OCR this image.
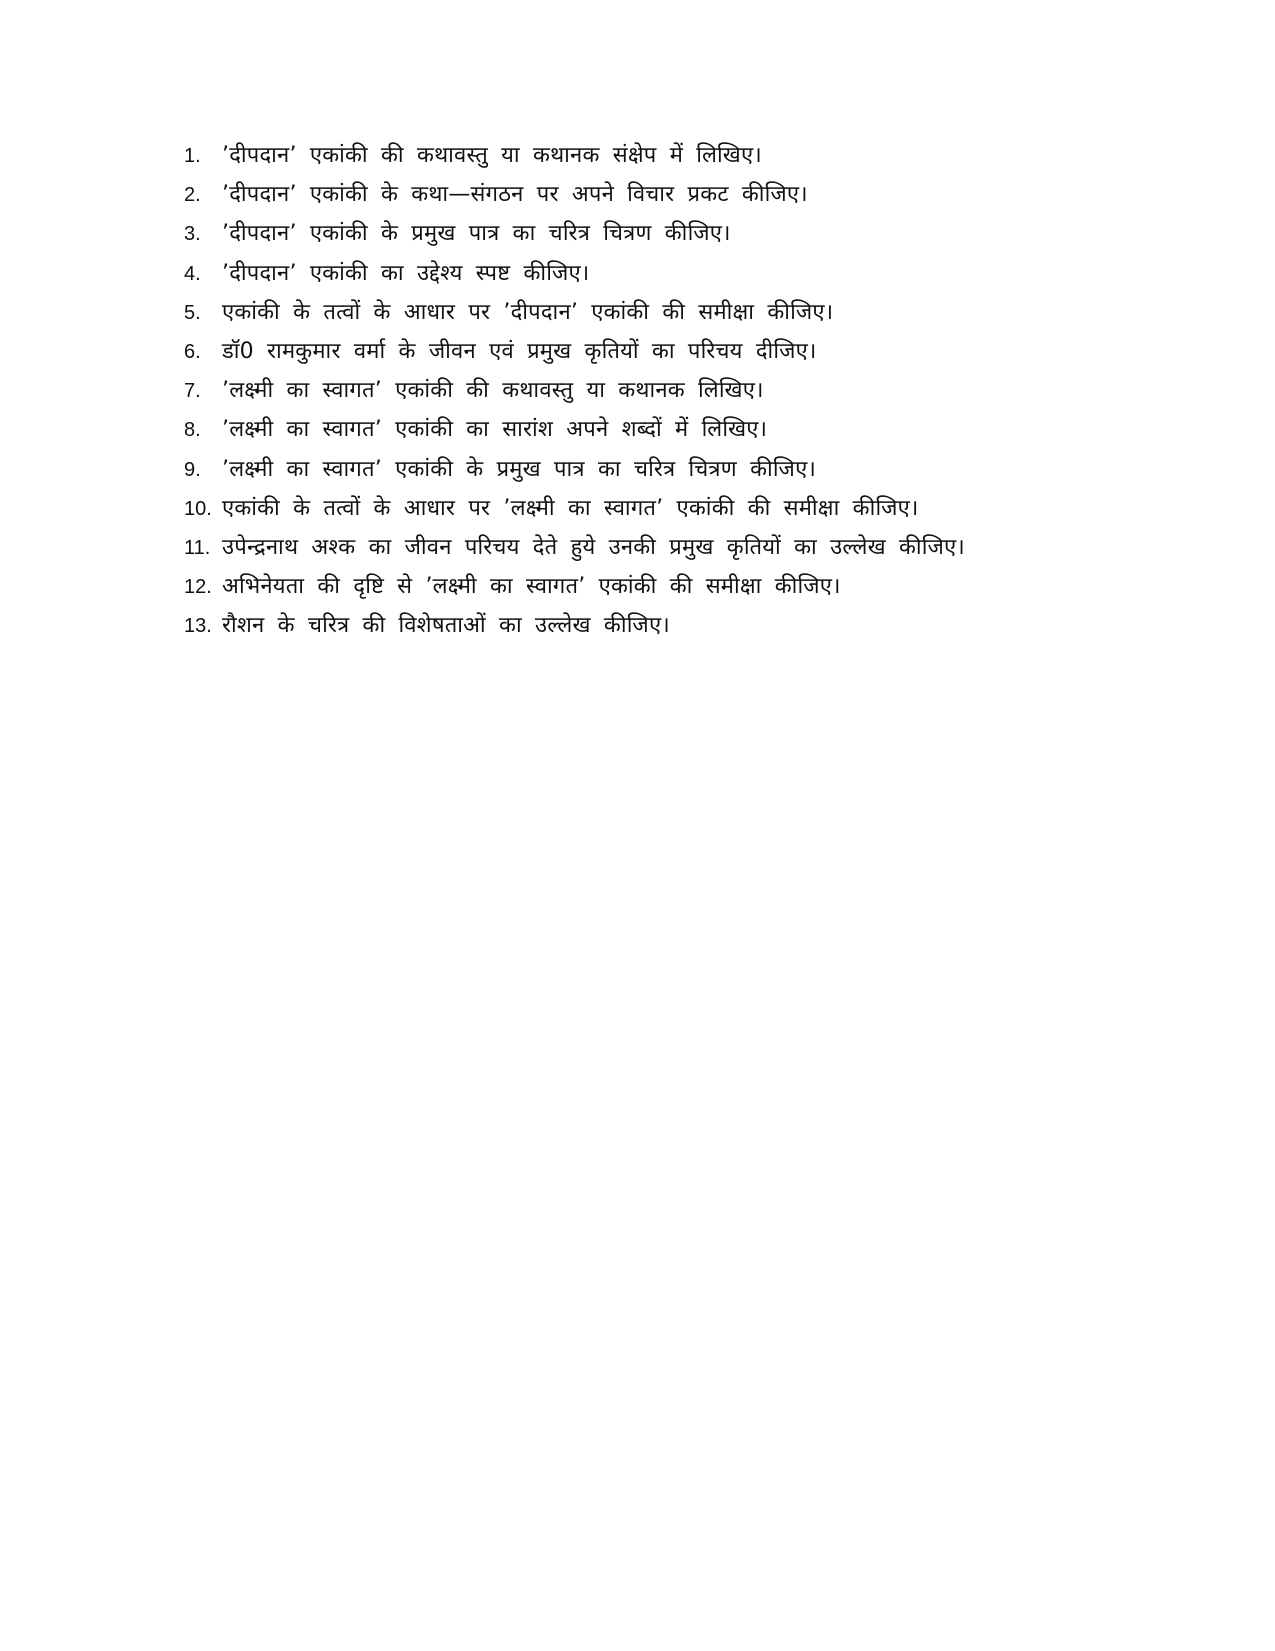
1. ’दीपदान’ एकांकी की कथावस्तु या कथानक संक्षेप में लिखिए।
2. ’दीपदान’ एकांकी के कथा—संगठन पर अपने विचार प्रकट कीजिए।
3. ’दीपदान’ एकांकी के प्रमुख पात्र का चरित्र चित्रण कीजिए।
4. ’दीपदान’ एकांकी का उद्देश्य स्पष्ट कीजिए।
5. एकांकी के तत्वों के आधार पर ’दीपदान’ एकांकी की समीक्षा कीजिए।
6. डॉ0 रामकुमार वर्मा के जीवन एवं प्रमुख कृतियों का परिचय दीजिए।
7. ’लक्ष्मी का स्वागत’ एकांकी की कथावस्तु या कथानक लिखिए।
8. ’लक्ष्मी का स्वागत’ एकांकी का सारांश अपने शब्दों में लिखिए।
9. ’लक्ष्मी का स्वागत’ एकांकी के प्रमुख पात्र का चरित्र चित्रण कीजिए।
10. एकांकी के तत्वों के आधार पर ’लक्ष्मी का स्वागत’ एकांकी की समीक्षा कीजिए।
11. उपेन्द्रनाथ अश्क का जीवन परिचय देते हुये उनकी प्रमुख कृतियों का उल्लेख कीजिए।
12. अभिनेयता की दृष्टि से ’लक्ष्मी का स्वागत’ एकांकी की समीक्षा कीजिए।
13. रौशन के चरित्र की विशेषताओं का उल्लेख कीजिए।
